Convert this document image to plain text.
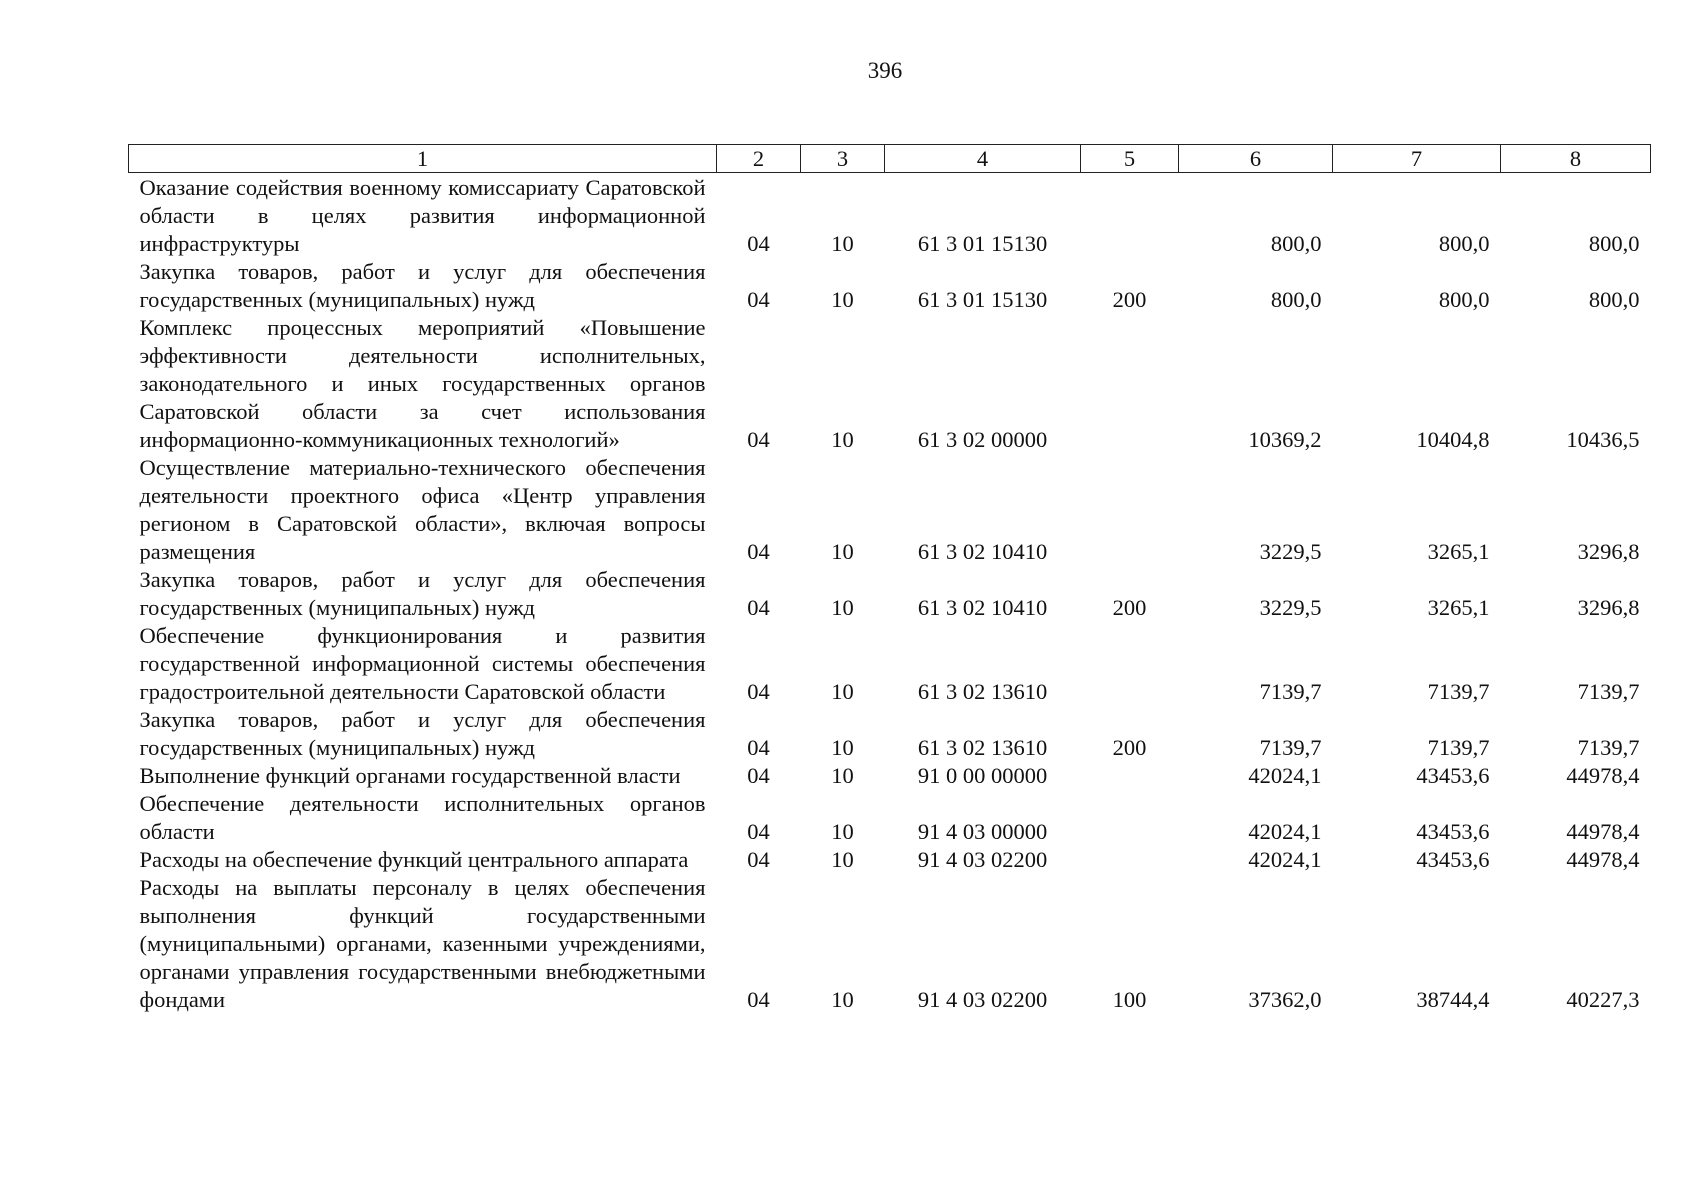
396
1	2	3	4	5	6	7	8
Оказание содействия военному комиссариату Саратовской области в целях развития информационной инфраструктуры	04	10	61 3 01 15130		800,0	800,0	800,0
Закупка товаров, работ и услуг для обеспечения государственных (муниципальных) нужд	04	10	61 3 01 15130	200	800,0	800,0	800,0
Комплекс процессных мероприятий «Повышение эффективности деятельности исполнительных, законодательного и иных государственных органов Саратовской области за счет использования информационно-коммуникационных технологий»	04	10	61 3 02 00000		10369,2	10404,8	10436,5
Осуществление материально-технического обеспечения деятельности проектного офиса «Центр управления регионом в Саратовской области», включая вопросы размещения	04	10	61 3 02 10410		3229,5	3265,1	3296,8
Закупка товаров, работ и услуг для обеспечения государственных (муниципальных) нужд	04	10	61 3 02 10410	200	3229,5	3265,1	3296,8
Обеспечение функционирования и развития государственной информационной системы обеспечения градостроительной деятельности Саратовской области	04	10	61 3 02 13610		7139,7	7139,7	7139,7
Закупка товаров, работ и услуг для обеспечения государственных (муниципальных) нужд	04	10	61 3 02 13610	200	7139,7	7139,7	7139,7
Выполнение функций органами государственной власти	04	10	91 0 00 00000		42024,1	43453,6	44978,4
Обеспечение деятельности исполнительных органов области	04	10	91 4 03 00000		42024,1	43453,6	44978,4
Расходы на обеспечение функций центрального аппарата	04	10	91 4 03 02200		42024,1	43453,6	44978,4
Расходы на выплаты персоналу в целях обеспечения выполнения функций государственными (муниципальными) органами, казенными учреждениями, органами управления государственными внебюджетными фондами	04	10	91 4 03 02200	100	37362,0	38744,4	40227,3
